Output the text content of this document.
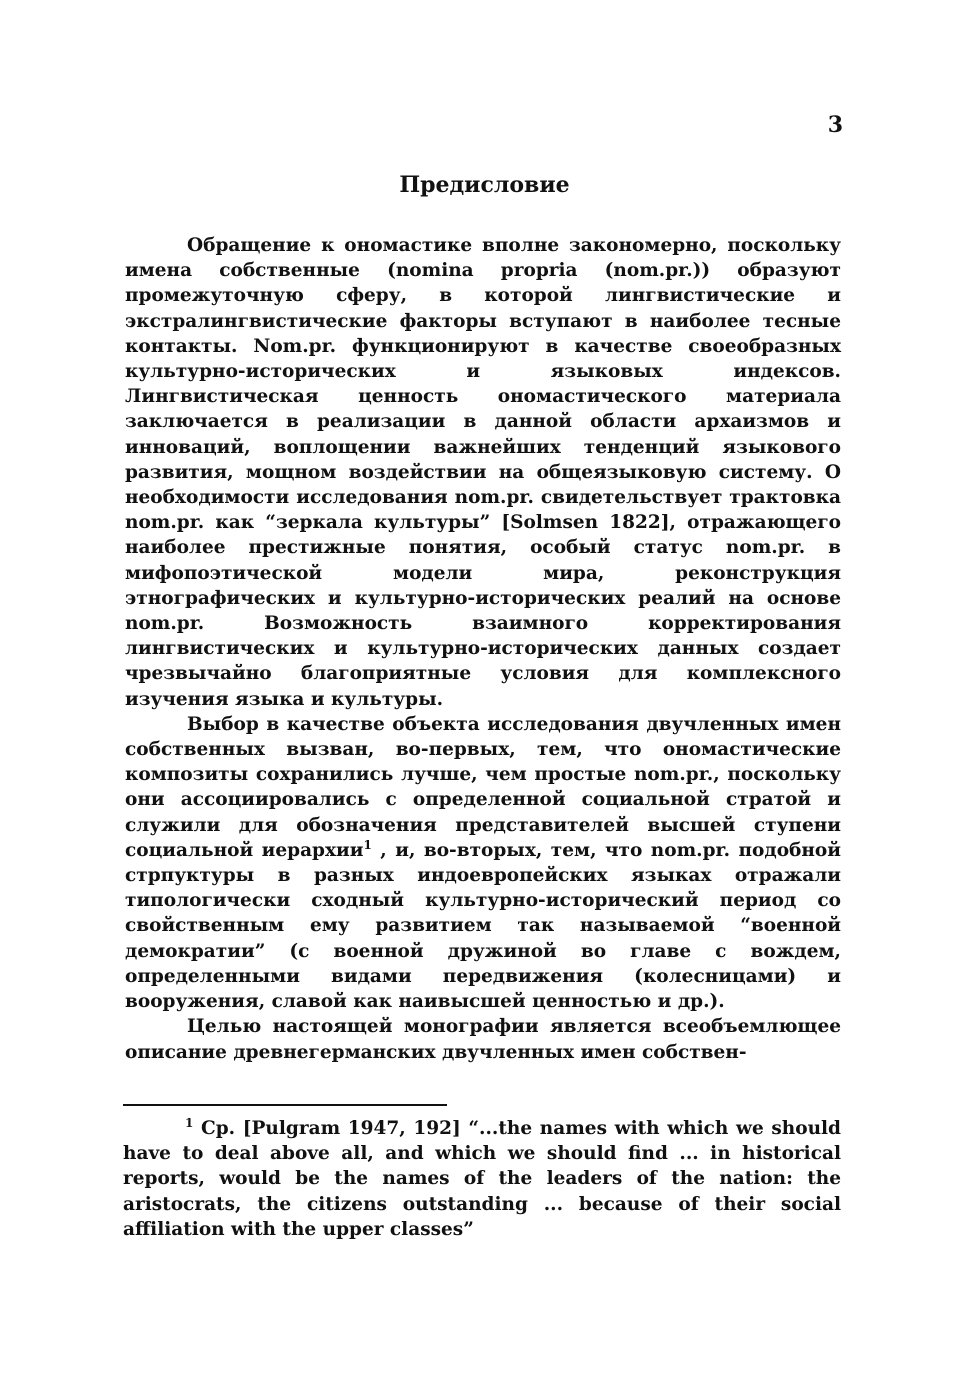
3
Предисловие

Обращение к ономастике вполне закономерно, поскольку имена собственные (nomina propria (nom.pr.)) образуют промежуточную сферу, в которой лингвистические и экстралингвистические факторы вступают в наиболее тесные контакты. Nom.pr. функционируют в качестве своеобразных культурно-исторических и языковых индексов. Лингвистическая ценность ономастического материала заключается в реализации в данной области архаизмов и инноваций, воплощении важнейших тенденций языкового развития, мощном воздействии на общеязыковую систему. О необходимости исследования nom.pr. свидетельствует трактовка nom.pr. как “зеркала культуры” [Solmsen 1822], отражающего наиболее престижные понятия, особый статус nom.pr. в мифопоэтической модели мира, реконструкция этнографических и культурно-исторических реалий на основе nom.pr. Возможность взаимного корректирования лингвистических и культурно-исторических данных создает чрезвычайно благоприятные условия для комплексного изучения языка и культуры.

Выбор в качестве объекта исследования двучленных имен собственных вызван, во-первых, тем, что ономастические композиты сохранились лучше, чем простые nom.pr., поскольку они ассоциировались с определенной социальной стратой и служили для обозначения представителей высшей ступени социальной иерархии$^1$ , и, во-вторых, тем, что nom.pr. подобной стрпуктуры в разных индоевропейских языках отражали типологически сходный культурно-исторический период со свойственным ему развитием так называемой “военной демократии” (с военной дружиной во главе с вождем, определенными видами передвижения (колесницами) и вооружения, славой как наивысшей ценностью и др.).

Целью настоящей монографии является всеобъемлющее описание древнегерманских двучленных имен собствен-

$^1$ Ср. [Pulgram 1947, 192] “...the names with which we should have to deal above all, and which we should find ... in historical reports, would be the names of the leaders of the nation: the aristocrats, the citizens outstanding ... because of their social affiliation with the upper classes”
